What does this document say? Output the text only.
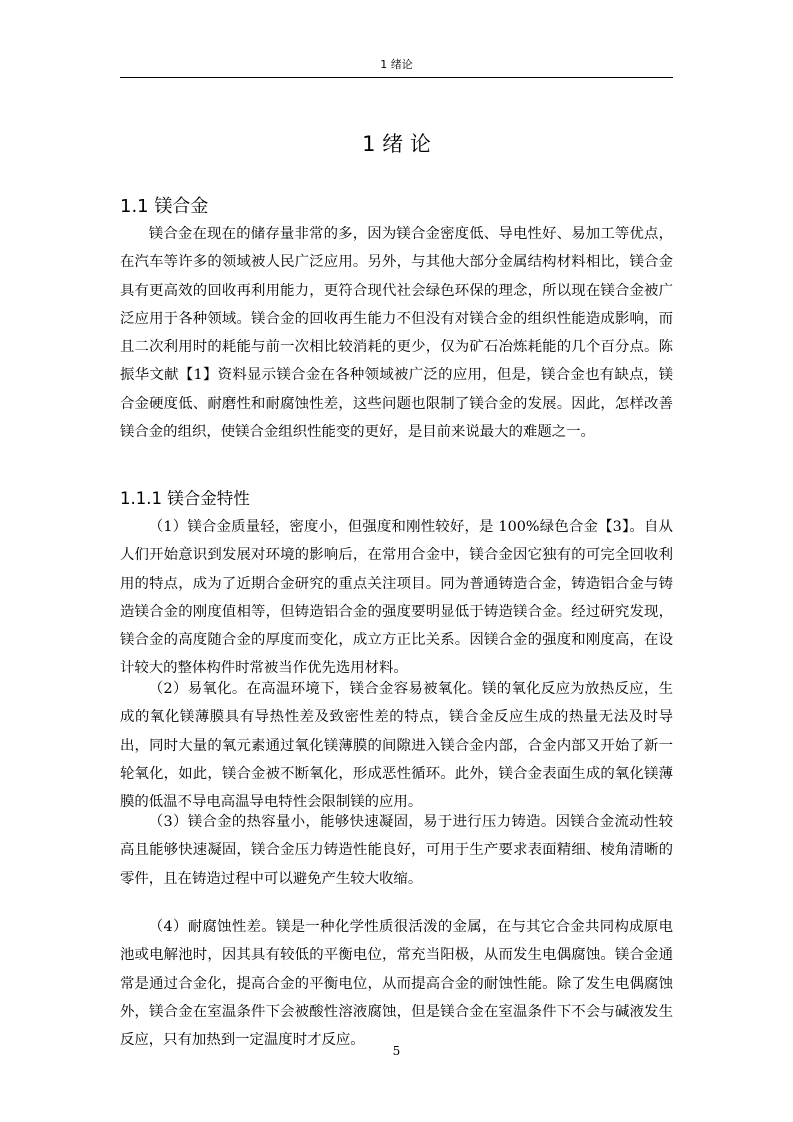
1 绪论
1 绪 论
1.1 镁合金

镁合金在现在的储存量非常的多，因为镁合金密度低、导电性好、易加工等优点，在汽车等许多的领域被人民广泛应用。另外，与其他大部分金属结构材料相比，镁合金具有更高效的回收再利用能力，更符合现代社会绿色环保的理念，所以现在镁合金被广泛应用于各种领域。镁合金的回收再生能力不但没有对镁合金的组织性能造成影响，而且二次利用时的耗能与前一次相比较消耗的更少，仅为矿石冶炼耗能的几个百分点。陈振华文献【1】资料显示镁合金在各种领域被广泛的应用，但是，镁合金也有缺点，镁合金硬度低、耐磨性和耐腐蚀性差，这些问题也限制了镁合金的发展。因此，怎样改善镁合金的组织，使镁合金组织性能变的更好，是目前来说最大的难题之一。

1.1.1 镁合金特性

（1）镁合金质量轻，密度小，但强度和刚性较好，是 100%绿色合金【3】。自从人们开始意识到发展对环境的影响后，在常用合金中，镁合金因它独有的可完全回收利用的特点，成为了近期合金研究的重点关注项目。同为普通铸造合金，铸造铝合金与铸造镁合金的刚度值相等，但铸造铝合金的强度要明显低于铸造镁合金。经过研究发现，镁合金的高度随合金的厚度而变化，成立方正比关系。因镁合金的强度和刚度高，在设计较大的整体构件时常被当作优先选用材料。

（2）易氧化。在高温环境下，镁合金容易被氧化。镁的氧化反应为放热反应，生成的氧化镁薄膜具有导热性差及致密性差的特点，镁合金反应生成的热量无法及时导出，同时大量的氧元素通过氧化镁薄膜的间隙进入镁合金内部，合金内部又开始了新一轮氧化，如此，镁合金被不断氧化，形成恶性循环。此外，镁合金表面生成的氧化镁薄膜的低温不导电高温导电特性会限制镁的应用。

（3）镁合金的热容量小，能够快速凝固，易于进行压力铸造。因镁合金流动性较高且能够快速凝固，镁合金压力铸造性能良好，可用于生产要求表面精细、棱角清晰的零件，且在铸造过程中可以避免产生较大收缩。

（4）耐腐蚀性差。镁是一种化学性质很活泼的金属，在与其它合金共同构成原电池或电解池时，因其具有较低的平衡电位，常充当阳极，从而发生电偶腐蚀。镁合金通常是通过合金化，提高合金的平衡电位，从而提高合金的耐蚀性能。除了发生电偶腐蚀外，镁合金在室温条件下会被酸性溶液腐蚀，但是镁合金在室温条件下不会与碱液发生反应，只有加热到一定温度时才反应。

5
